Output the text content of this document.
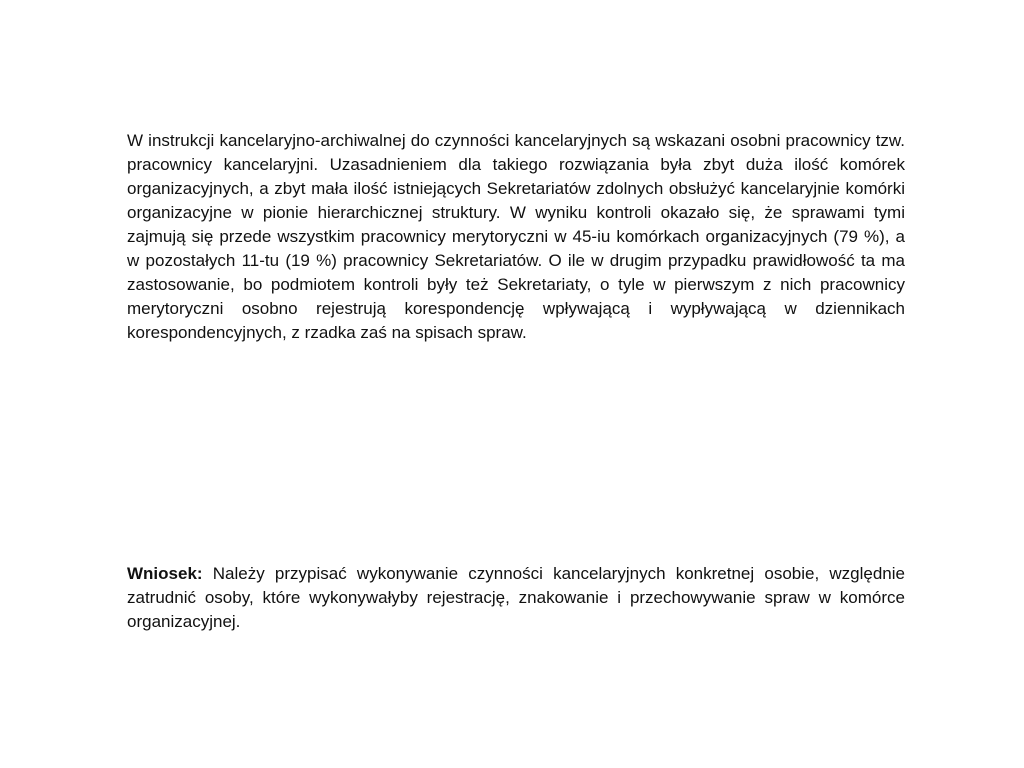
W instrukcji kancelaryjno-archiwalnej do czynności kancelaryjnych są wskazani osobni pracownicy tzw. pracownicy kancelaryjni. Uzasadnieniem dla takiego rozwiązania była zbyt duża ilość komórek organizacyjnych, a zbyt mała ilość istniejących Sekretariatów zdolnych obsłużyć kancelaryjnie komórki organizacyjne w pionie hierarchicznej struktury. W wyniku kontroli okazało się, że sprawami tymi zajmują się przede wszystkim pracownicy merytoryczni w 45-iu komórkach organizacyjnych (79 %), a w pozostałych 11-tu (19 %) pracownicy Sekretariatów. O ile w drugim przypadku prawidłowość ta ma zastosowanie, bo podmiotem kontroli były też Sekretariaty, o tyle w pierwszym z nich pracownicy merytoryczni osobno rejestrują korespondencję wpływającą i wypływającą w dziennikach korespondencyjnych, z rzadka zaś na spisach spraw.

Wniosek: Należy przypisać wykonywanie czynności kancelaryjnych konkretnej osobie, względnie zatrudnić osoby, które wykonywałyby rejestrację, znakowanie i przechowywanie spraw w komórce organizacyjnej.
